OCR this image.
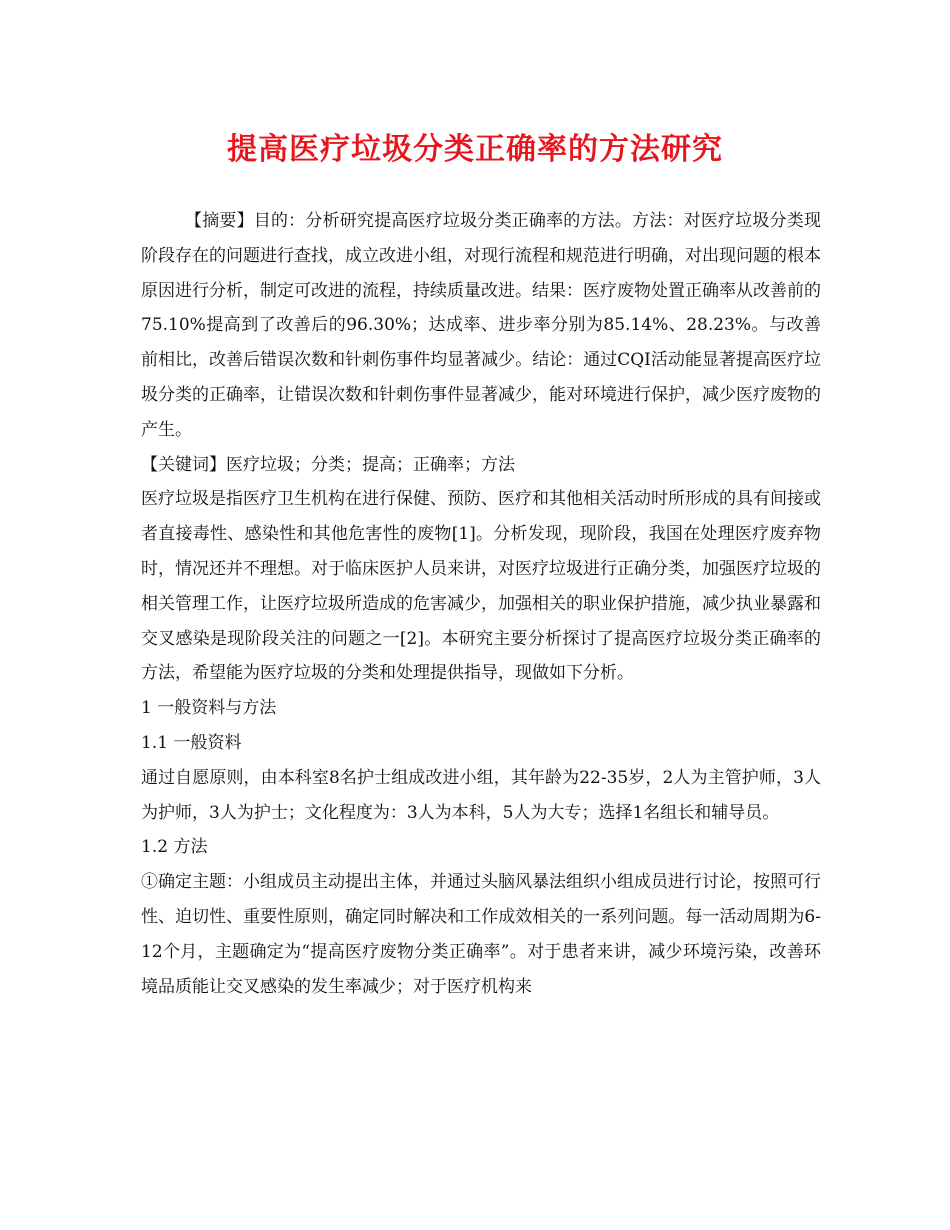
提高医疗垃圾分类正确率的方法研究

【摘要】目的：分析研究提高医疗垃圾分类正确率的方法。方法：对医疗垃圾分类现阶段存在的问题进行查找，成立改进小组，对现行流程和规范进行明确，对出现问题的根本原因进行分析，制定可改进的流程，持续质量改进。结果：医疗废物处置正确率从改善前的75.10%提高到了改善后的96.30%；达成率、进步率分别为85.14%、28.23%。与改善前相比，改善后错误次数和针刺伤事件均显著减少。结论：通过CQI活动能显著提高医疗垃圾分类的正确率，让错误次数和针刺伤事件显著减少，能对环境进行保护，减少医疗废物的产生。

【关键词】医疗垃圾；分类；提高；正确率；方法

医疗垃圾是指医疗卫生机构在进行保健、预防、医疗和其他相关活动时所形成的具有间接或者直接毒性、感染性和其他危害性的废物[1]。分析发现，现阶段，我国在处理医疗废弃物时，情况还并不理想。对于临床医护人员来讲，对医疗垃圾进行正确分类，加强医疗垃圾的相关管理工作，让医疗垃圾所造成的危害减少，加强相关的职业保护措施，减少执业暴露和交叉感染是现阶段关注的问题之一[2]。本研究主要分析探讨了提高医疗垃圾分类正确率的方法，希望能为医疗垃圾的分类和处理提供指导，现做如下分析。

1 一般资料与方法

1.1 一般资料

通过自愿原则，由本科室8名护士组成改进小组，其年龄为22-35岁，2人为主管护师，3人为护师，3人为护士；文化程度为：3人为本科，5人为大专；选择1名组长和辅导员。

1.2 方法

①确定主题：小组成员主动提出主体，并通过头脑风暴法组织小组成员进行讨论，按照可行性、迫切性、重要性原则，确定同时解决和工作成效相关的一系列问题。每一活动周期为6-12个月，主题确定为“提高医疗废物分类正确率”。对于患者来讲，减少环境污染，改善环境品质能让交叉感染的发生率减少；对于医疗机构来
